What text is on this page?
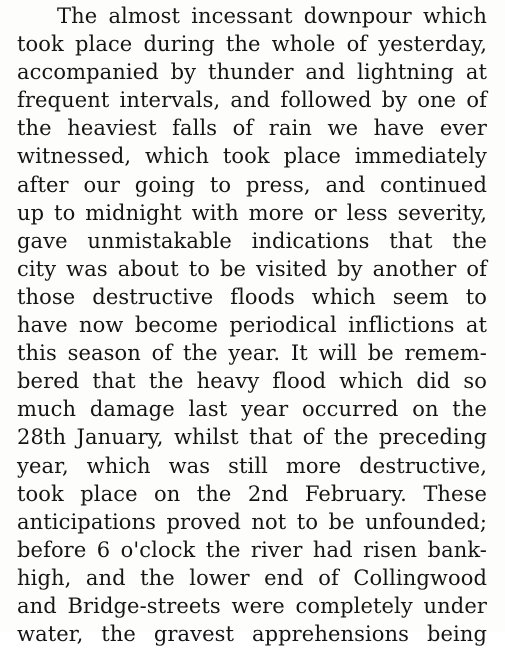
The almost incessant downpour which
took place during the whole of yesterday,
accompanied by thunder and lightning at
frequent intervals, and followed by one of
the heaviest falls of rain we have ever
witnessed, which took place immediately
after our going to press, and continued
up to midnight with more or less severity,
gave unmistakable indications that the
city was about to be visited by another of
those destructive floods which seem to
have now become periodical inflictions at
this season of the year. It will be remem-
bered that the heavy flood which did so
much damage last year occurred on the
28th January, whilst that of the preceding
year, which was still more destructive,
took place on the 2nd February. These
anticipations proved not to be unfounded;
before 6 o'clock the river had risen bank-
high, and the lower end of Collingwood
and Bridge-streets were completely under
water, the gravest apprehensions being
